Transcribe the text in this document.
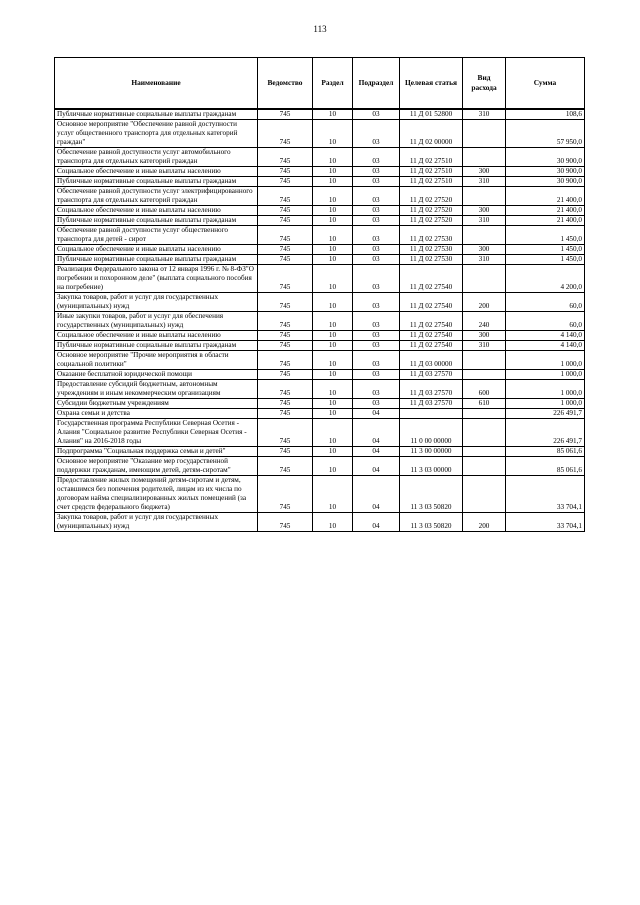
113
Наименование	Ведомство	Раздел	Подраздел	Целевая статья	Вид расхода	Сумма
Публичные нормативные социальные выплаты гражданам	745	10	03	11 Д 01 52800	310	108,6
Основное мероприятие "Обеспечение равной доступности услуг общественного транспорта для отдельных категорий граждан"	745	10	03	11 Д 02 00000		57 950,0
Обеспечение равной доступности услуг автомобильного транспорта для отдельных категорий граждан	745	10	03	11 Д 02 27510		30 900,0
Социальное обеспечение и иные выплаты населению	745	10	03	11 Д 02 27510	300	30 900,0
Публичные нормативные социальные выплаты гражданам	745	10	03	11 Д 02 27510	310	30 900,0
Обеспечение равной доступности услуг электрифицированного транспорта для отдельных категорий граждан	745	10	03	11 Д 02 27520		21 400,0
Социальное обеспечение и иные выплаты населению	745	10	03	11 Д 02 27520	300	21 400,0
Публичные нормативные социальные выплаты гражданам	745	10	03	11 Д 02 27520	310	21 400,0
Обеспечение равной доступности услуг общественного транспорта для детей - сирот	745	10	03	11 Д 02 27530		1 450,0
Социальное обеспечение и иные выплаты населению	745	10	03	11 Д 02 27530	300	1 450,0
Публичные нормативные социальные выплаты гражданам	745	10	03	11 Д 02 27530	310	1 450,0
Реализация Федерального закона от 12 января 1996 г. № 8-ФЗ"О погребении и похоронном деле" (выплата социального пособия на погребение)	745	10	03	11 Д 02 27540		4 200,0
Закупка товаров, работ и услуг для государственных (муниципальных) нужд	745	10	03	11 Д 02 27540	200	60,0
Иные закупки товаров, работ и услуг для обеспечения государственных (муниципальных) нужд	745	10	03	11 Д 02 27540	240	60,0
Социальное обеспечение и иные выплаты населению	745	10	03	11 Д 02 27540	300	4 140,0
Публичные нормативные социальные выплаты гражданам	745	10	03	11 Д 02 27540	310	4 140,0
Основное мероприятие "Прочие мероприятия в области социальной политики"	745	10	03	11 Д 03 00000		1 000,0
Оказание бесплатной юридической помощи	745	10	03	11 Д 03 27570		1 000,0
Предоставление субсидий бюджетным, автономным учреждениям и иным некоммерческим организациям	745	10	03	11 Д 03 27570	600	1 000,0
Субсидии бюджетным учреждениям	745	10	03	11 Д 03 27570	610	1 000,0
Охрана семьи и детства	745	10	04			226 491,7
Государственная программа Республики Северная Осетия - Алания "Социальное развитие Республики Северная Осетия - Алания" на 2016-2018 годы	745	10	04	11 0 00 00000		226 491,7
Подпрограмма "Социальная поддержка семьи и детей"	745	10	04	11 3 00 00000		85 061,6
Основное мероприятие "Оказание мер государственной поддержки гражданам, имеющим детей, детям-сиротам"	745	10	04	11 3 03 00000		85 061,6
Предоставление жилых помещений детям-сиротам и детям, оставшимся без попечения родителей, лицам из их числа по договорам найма специализированных жилых помещений (за счет средств федерального бюджета)	745	10	04	11 3 03 50820		33 704,1
Закупка товаров, работ и услуг для государственных (муниципальных) нужд	745	10	04	11 3 03 50820	200	33 704,1
